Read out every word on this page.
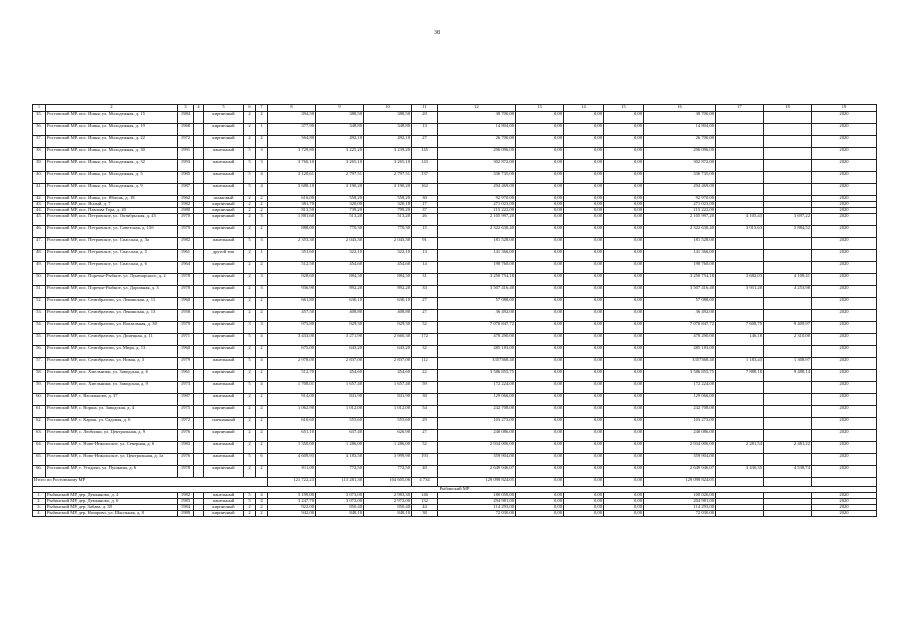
38
1	2	3	4	5	6	7	8	9	10	11	12	13	14	15	16	17	18	19
35.	Ростовский МР, пос. Ишня, ул. Молодежная, д. 15	1984		кирпичный	2	2	394,50	388,50	388,50	20	38 700,00	0,00	0,00	0,00	38 700,00			2020
36.	Ростовский МР, пос. Ишня, ул. Молодежная, д. 19	1968		кирпичный	2	1	377,90	348,80	348,80	13	14 804,00	0,00	0,00	0,00	14 804,00			2020
37.	Ростовский МР, пос. Ишня, ул. Молодежная, д. 22	1972		кирпичный	2	2	564,80	492,10	492,10	27	26 700,00	0,00	0,00	0,00	26 700,00			2020
38.	Ростовский МР, пос. Ишня, ул. Молодежная, д. 30	1991		панельный	5	3	3 729,80	3 225,20	3 239,20	145	296 096,00	0,00	0,00	0,00	296 096,00			2020
39.	Ростовский МР, пос. Ишня, ул. Молодежная, д. 32	1993		панельный	5	3	3 760,10	3 265,10	3 265,10	143	302 872,00	0,00	0,00	0,00	302 872,00			2020
40.	Ростовский МР, пос. Ишня, ул. Молодежная, д. 5	1985		панельный	5	4	3 120,61	2 797,51	2 797,51	137	336 735,00	0,00	0,00	0,00	336 735,00			2020
41.	Ростовский МР, пос. Ишня, ул. Молодежная, д. 9	1987		панельный	5	4	3 688,10	3 190,20	3 190,20	162	294 469,00	0,00	0,00	0,00	294 469,00			2020
42.	Ростовский МР, пос. Ишня, ул. Яблонь, д. 18	1962		шлаковый	2	2	616,00	558,20	558,20	30	92 970,00	0,00	0,00	0,00	92 970,00			2020
43.	Ростовский МР, пос. Ясный, д. 7	1982		кирпичный	2	2	381,70	320,00	320,18	17	271 023,00	0,00	0,00	0,00	271 023,00			2020
44.	Ростовский МР, пос. Павлова Гора, д. 20	1980		кирпичный	2	2	813,50	739,20	799,20	37	115 222,00	0,00	0,00	0,00	115 222,00			2020
45.	Ростовский МР, пос. Петровское, ул. Октябрьская, д. 45	1970		кирпичный	2	3	1 881,60	513,20	513,20	26	2 105 997,20	0,00	0,00	0,00	2 105 997,20	4 105,43	3 697,22	2020
46.	Ростовский МР, пос. Петровское, ул. Советская, д. 15б	1979		кирпичный	2	2	888,00	770,30	770,30	15	2 322 630,40	0,00	0,00	0,00	2 322 630,40	3 015,63	5 884,52	2020
47.	Ростовский МР, пос. Петровское, ул. Спасская, д. 3а	1982		панельный	5	3	2 353,30	2 043,30	2 043,30	91	181 528,00	0,00	0,00	0,00	181 528,00			2020
48.	Ростовский МР, пос. Петровское, ул. Спасская, д. 5	1961		другой тип	2	1	351,60	322,10	322,10	13	141 366,00	0,00	0,00	0,00	141 366,00			2020
49.	Ростовский МР, пос. Петровское, ул. Спасская, д. 6	1964		кирпичный	2	2	512,50	454,60	454,60	14	198 760,00	0,00	0,00	0,00	198 760,00			2020
50.	Ростовский МР, пос. Поречье-Рыбное, ул. Луначарского, д. 2	1978		кирпичный	2	3	928,60	884,50	884,50	31	3 256 754,18	0,00	0,00	0,00	3 256 754,18	3 682,03	4 108,41	2020
51.	Ростовский МР, пос. Поречье-Рыбное, ул. Дорожная, д. 3	1978		кирпичный	2	3	936,90	892,20	892,20	33	3 507 416,40	0,00	0,00	0,00	3 507 416,40	3 931,20	4 253,98	2020
52.	Ростовский МР, пос. Семибратово, ул. Ленинская, д. 11	1960		кирпичный	2	2	661,80	630,10	630,10	27	57 088,00	0,00	0,00	0,00	57 088,00			2020
53.	Ростовский МР, пос. Семибратово, ул. Ленинская, д. 13	1958		кирпичный	2	2	457,50	408,80	408,80	27	36 492,00	0,00	0,00	0,00	36 492,00			2020
54.	Ростовский МР, пос. Семибратово, ул. Вокзальная, д. 30	1979		кирпичный	3	3	975,80	929,30	929,30	52	7 070 847,72	0,00	0,00	0,00	7 070 847,72	7 608,79	9 409,97	2020
55.	Ростовский МР, пос. Семибратово, ул. Донецкая, д. 11	1971		кирпичный	5	4	3 433,00	3 271,90	2 660,30	172	478 290,00	0,00	0,00	0,00	478 290,00	146,18	2 310,00	2020
56.	Ростовский МР, пос. Семибратово, ул. Мира, д. 13	1960		кирпичный	2	2	675,00	643,20	643,20	32	285 183,00	0,00	0,00	0,00	285 183,00			2020
57.	Ростовский МР, пос. Семибратово, ул. Новая, д. 3	1979		панельный	5	4	2 978,00	2 837,00	2 837,00	112	3357368,40	0,00	0,00	0,00	3357368,40	1 183,43	1 308,97	2020
58.	Ростовский МР, пос. Хмельники, ул. Заводская, д. 6	1961		кирпичный	2	2	512,70	454,60	454,60	22	3 586 855,75	0,00	0,00	0,00	3 586 855,75	7 888,18	9 488,14	2020
59.	Ростовский МР, пос. Хмельники, ул. Заводская, д. 9	1973		панельный	5	4	1 708,01	1 657,40	1 657,40	59	172 224,00	0,00	0,00	0,00	172 224,00			2020
60.	Ростовский МР, с. Васильково, д. 37	1987		панельный	2	2	914,00	841,90	841,90	30	129 066,00	0,00	0,00	0,00	129 066,00			2020
61.	Ростовский МР, с. Ворша, ул. Заводская, д. 4	1975		кирпичный	2	2	1 062,90	1 012,00	1 012,00	54	242 708,00	0,00	0,00	0,00	242 708,00			2020
62.	Ростовский МР, с. Караш, ул. Садовая, д. 6	1972		смешанный	2	2	616,60	555,60	555,60	29	103 273,00	0,00	0,00	0,00	103 273,00			2020
63.	Ростовский МР, с. Любилки, ул. Центральная, д. 9	1976		кирпичный	2	2	651,10	637,40	626,90	27	240 086,00	0,00	0,00	0,00	240 086,00			2020
64.	Ростовский МР, с. Ново-Никольское, ул. Северная, д. 6	1983		панельный	2	2	1 350,00	1 286,00	1 286,00	52	2 934 000,00	0,00	0,00	0,00	2 934 000,00	2 281,54	2 481,22	2020
65.	Ростовский МР, с. Ново-Никольское, ул. Центральная, д. 1а	1976		панельный	5	6	4 609,93	4 183,50	3 999,90	193	359 904,00	0,00	0,00	0,00	359 904,00			2020
66.	Ростовский МР, с. Угодичи, ул. Пушкина, д. 6	1978		кирпичный	2	2	811,00	772,50	772,50	40	2 649 946,07	0,00	0,00	0,00	2 649 946,07	3 430,35	4 538,74	2020
Итого по Ростовскому МР							121 722,23	113 281,30	104 605,06	4 734	129 098 824,05	0,00	0,00	0,00	129 098 824,05			
Рыбинский МР																		
1.	Рыбинский МР, дер. Демьяново, д. 4	1982		панельный	5	4	3 199,00	3 073,00	2 983,30	146	180 058,00	0,00	0,00	0,00	100 026,00			2020
2.	Рыбинский МР, дер. Демьяново, д. 6	1983		панельный	5	4	3 247,70	3 072,00	2 972,00	132	294 981,00	0,00	0,00	0,00	204 981,00			2020
3.	Рыбинский МР, дер. Забава, д. 39	1984		кирпичный	2	2	922,00	850,40	850,40	44	114 293,00	0,00	0,00	0,00	114 293,00			2020
4.	Рыбинский МР, дер. Назарово, ул. Школьная, д. 8	1980		кирпичный	2	2	942,00	848,10	848,10	38	72 030,00	0,00	0,00	0,00	72 030,00			2020
